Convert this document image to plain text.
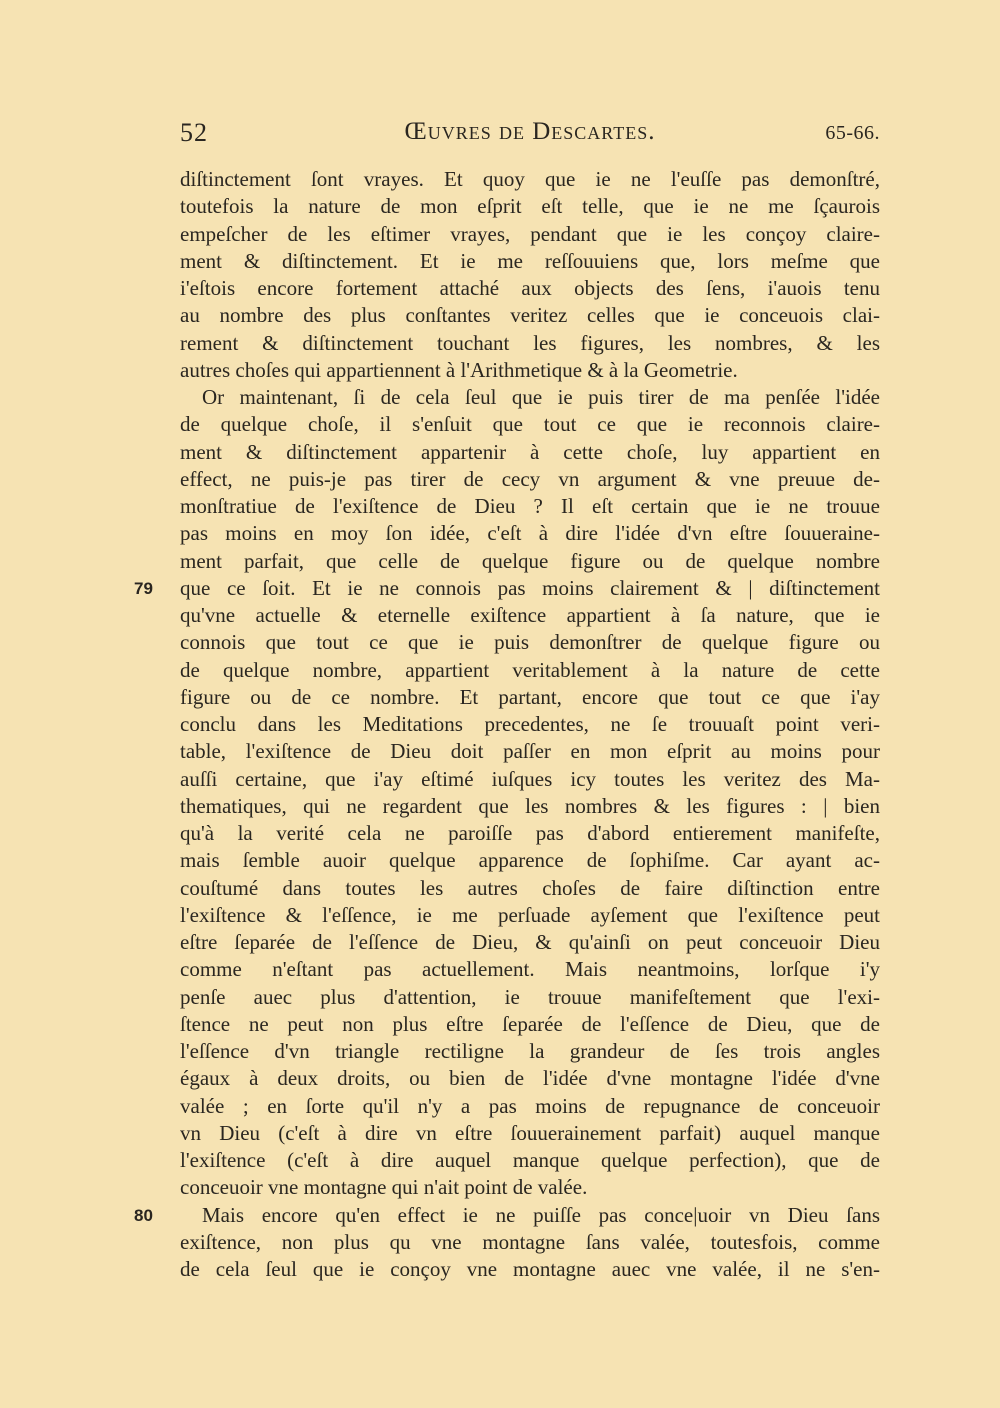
52	Œuvres de Descartes.	65-66.
diſtinctement ſont vrayes. Et quoy que ie ne l'euſſe pas demonſtré,
toutefois la nature de mon eſprit eſt telle, que ie ne me ſçaurois
empeſcher de les eſtimer vrayes, pendant que ie les conçoy claire-
ment & diſtinctement. Et ie me reſſouuiens que, lors meſme que
i'eſtois encore fortement attaché aux objects des ſens, i'auois tenu
au nombre des plus conſtantes veritez celles que ie conceuois clai-
rement & diſtinctement touchant les figures, les nombres, & les
autres choſes qui appartiennent à l'Arithmetique & à la Geometrie.
Or maintenant, ſi de cela ſeul que ie puis tirer de ma penſée l'idée
de quelque choſe, il s'enſuit que tout ce que ie reconnois claire-
ment & diſtinctement appartenir à cette choſe, luy appartient en
effect, ne puis-je pas tirer de cecy vn argument & vne preuue de-
monſtratiue de l'exiſtence de Dieu ? Il eſt certain que ie ne trouue
pas moins en moy ſon idée, c'eſt à dire l'idée d'vn eſtre ſouueraine-
ment parfait, que celle de quelque figure ou de quelque nombre
79 que ce ſoit. Et ie ne connois pas moins clairement & | diſtinctement
qu'vne actuelle & eternelle exiſtence appartient à ſa nature, que ie
connois que tout ce que ie puis demonſtrer de quelque figure ou
de quelque nombre, appartient veritablement à la nature de cette
figure ou de ce nombre. Et partant, encore que tout ce que i'ay
conclu dans les Meditations precedentes, ne ſe trouuaſt point veri-
table, l'exiſtence de Dieu doit paſſer en mon eſprit au moins pour
auſſi certaine, que i'ay eſtimé iuſques icy toutes les veritez des Ma-
thematiques, qui ne regardent que les nombres & les figures : | bien
qu'à la verité cela ne paroiſſe pas d'abord entierement manifeſte,
mais ſemble auoir quelque apparence de ſophiſme. Car ayant ac-
couſtumé dans toutes les autres choſes de faire diſtinction entre
l'exiſtence & l'eſſence, ie me perſuade ayſement que l'exiſtence peut
eſtre ſeparée de l'eſſence de Dieu, & qu'ainſi on peut conceuoir Dieu
comme n'eſtant pas actuellement. Mais neantmoins, lorſque i'y
penſe auec plus d'attention, ie trouue manifeſtement que l'exi-
ſtence ne peut non plus eſtre ſeparée de l'eſſence de Dieu, que de
l'eſſence d'vn triangle rectiligne la grandeur de ſes trois angles
égaux à deux droits, ou bien de l'idée d'vne montagne l'idée d'vne
valée ; en ſorte qu'il n'y a pas moins de repugnance de conceuoir
vn Dieu (c'eſt à dire vn eſtre ſouuerainement parfait) auquel manque
l'exiſtence (c'eſt à dire auquel manque quelque perfection), que de
conceuoir vne montagne qui n'ait point de valée.
80 Mais encore qu'en effect ie ne puiſſe pas conce|uoir vn Dieu ſans
exiſtence, non plus qu vne montagne ſans valée, toutesfois, comme
de cela ſeul que ie conçoy vne montagne auec vne valée, il ne s'en-
